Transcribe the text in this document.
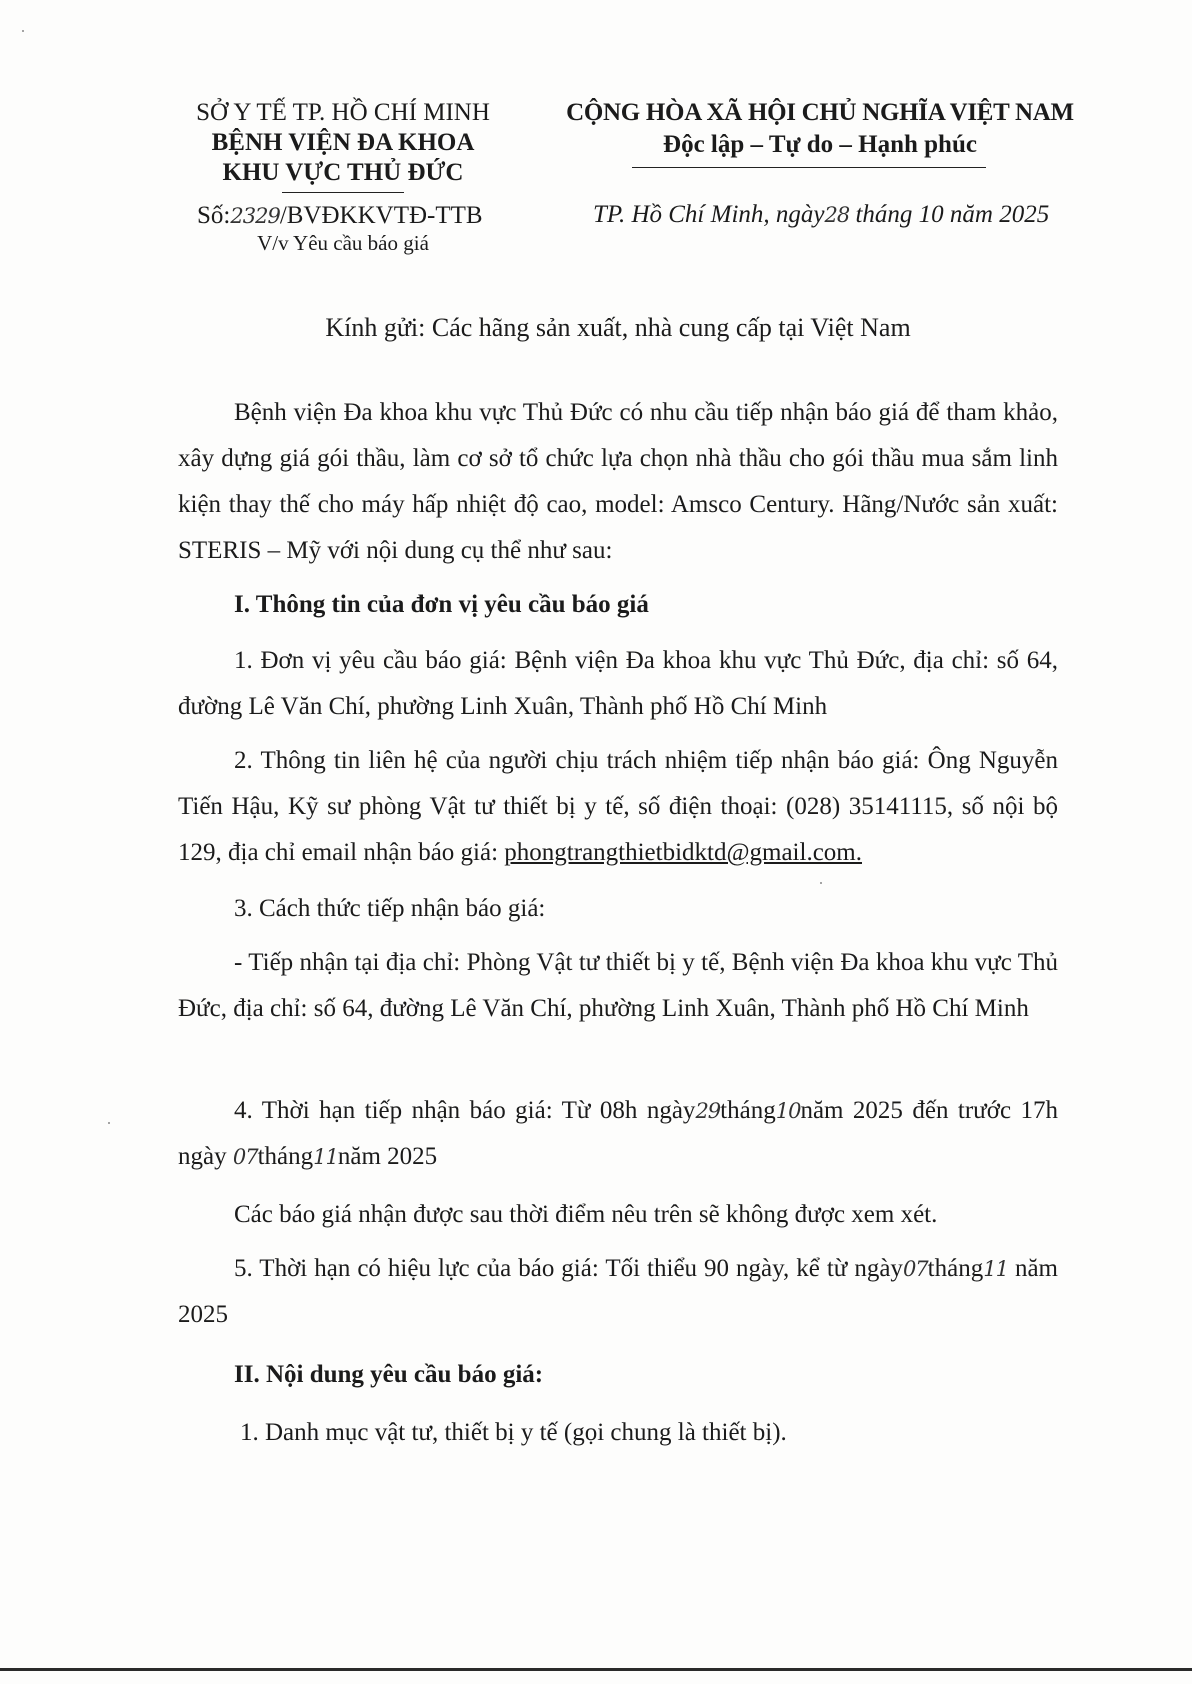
SỞ Y TẾ TP. HỒ CHÍ MINH
BỆNH VIỆN ĐA KHOA
KHU VỰC THỦ ĐỨC
Số:2329/BVĐKKVTĐ-TTB
V/v Yêu cầu báo giá
CỘNG HÒA XÃ HỘI CHỦ NGHĨA VIỆT NAM
Độc lập – Tự do – Hạnh phúc
TP. Hồ Chí Minh, ngày28 tháng 10 năm 2025
Kính gửi: Các hãng sản xuất, nhà cung cấp tại Việt Nam
Bệnh viện Đa khoa khu vực Thủ Đức có nhu cầu tiếp nhận báo giá để tham khảo, xây dựng giá gói thầu, làm cơ sở tổ chức lựa chọn nhà thầu cho gói thầu mua sắm linh kiện thay thế cho máy hấp nhiệt độ cao, model: Amsco Century. Hãng/Nước sản xuất: STERIS – Mỹ với nội dung cụ thể như sau:
I. Thông tin của đơn vị yêu cầu báo giá
1. Đơn vị yêu cầu báo giá: Bệnh viện Đa khoa khu vực Thủ Đức, địa chỉ: số 64, đường Lê Văn Chí, phường Linh Xuân, Thành phố Hồ Chí Minh
2. Thông tin liên hệ của người chịu trách nhiệm tiếp nhận báo giá: Ông Nguyễn Tiến Hậu, Kỹ sư phòng Vật tư thiết bị y tế, số điện thoại: (028) 35141115, số nội bộ 129, địa chỉ email nhận báo giá: phongtrangthietbidktd@gmail.com.
3. Cách thức tiếp nhận báo giá:
- Tiếp nhận tại địa chỉ: Phòng Vật tư thiết bị y tế, Bệnh viện Đa khoa khu vực Thủ Đức, địa chỉ: số 64, đường Lê Văn Chí, phường Linh Xuân, Thành phố Hồ Chí Minh
4. Thời hạn tiếp nhận báo giá: Từ 08h ngày29tháng10năm 2025 đến trước 17h ngày 07tháng11năm 2025
Các báo giá nhận được sau thời điểm nêu trên sẽ không được xem xét.
5. Thời hạn có hiệu lực của báo giá: Tối thiểu 90 ngày, kể từ ngày07tháng11 năm 2025
II. Nội dung yêu cầu báo giá:
1. Danh mục vật tư, thiết bị y tế (gọi chung là thiết bị).
